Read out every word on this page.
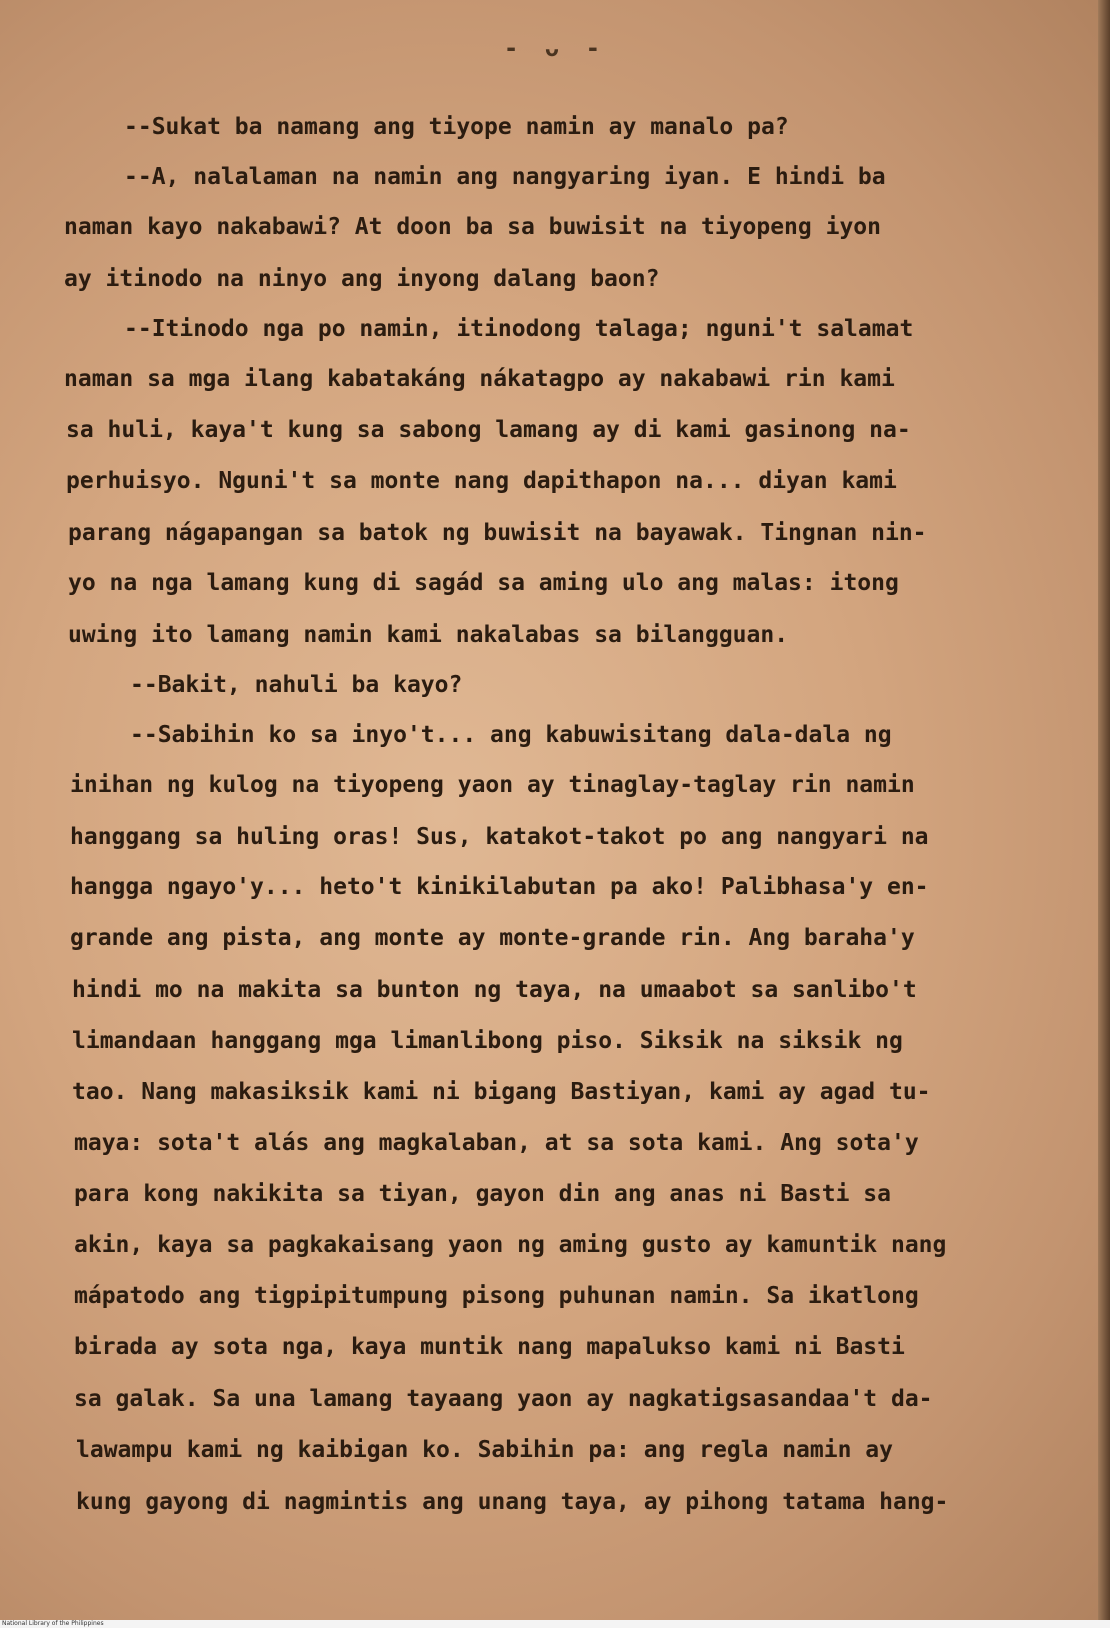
- ᴗ -
--Sukat ba namang ang tiyope namin ay manalo pa?
--A, nalalaman na namin ang nangyaring iyan. E hindi ba
naman kayo nakabawi? At doon ba sa buwisit na tiyopeng iyon
ay itinodo na ninyo ang inyong dalang baon?
--Itinodo nga po namin, itinodong talaga; nguni't salamat
naman sa mga ilang kabatakáng nákatagpo ay nakabawi rin kami
sa huli, kaya't kung sa sabong lamang ay di kami gasinong na-
perhuisyo. Nguni't sa monte nang dapithapon na... diyan kami
parang nágapangan sa batok ng buwisit na bayawak. Tingnan nin-
yo na nga lamang kung di sagád sa aming ulo ang malas: itong
uwing ito lamang namin kami nakalabas sa bilangguan.
--Bakit, nahuli ba kayo?
--Sabihin ko sa inyo't... ang kabuwisitang dala-dala ng
inihan ng kulog na tiyopeng yaon ay tinaglay-taglay rin namin
hanggang sa huling oras! Sus, katakot-takot po ang nangyari na
hangga ngayo'y... heto't kinikilabutan pa ako! Palibhasa'y en-
grande ang pista, ang monte ay monte-grande rin. Ang baraha'y
hindi mo na makita sa bunton ng taya, na umaabot sa sanlibo't
limandaan hanggang mga limanlibong piso. Siksik na siksik ng
tao. Nang makasiksik kami ni bigang Bastiyan, kami ay agad tu-
maya: sota't alás ang magkalaban, at sa sota kami. Ang sota'y
para kong nakikita sa tiyan, gayon din ang anas ni Basti sa
akin, kaya sa pagkakaisang yaon ng aming gusto ay kamuntik nang
mápatodo ang tigpipitumpung pisong puhunan namin. Sa ikatlong
birada ay sota nga, kaya muntik nang mapalukso kami ni Basti
sa galak. Sa una lamang tayaang yaon ay nagkatigsasandaa't da-
lawampu kami ng kaibigan ko. Sabihin pa: ang regla namin ay
kung gayong di nagmintis ang unang taya, ay pihong tatama hang-
National Library of the Philippines
